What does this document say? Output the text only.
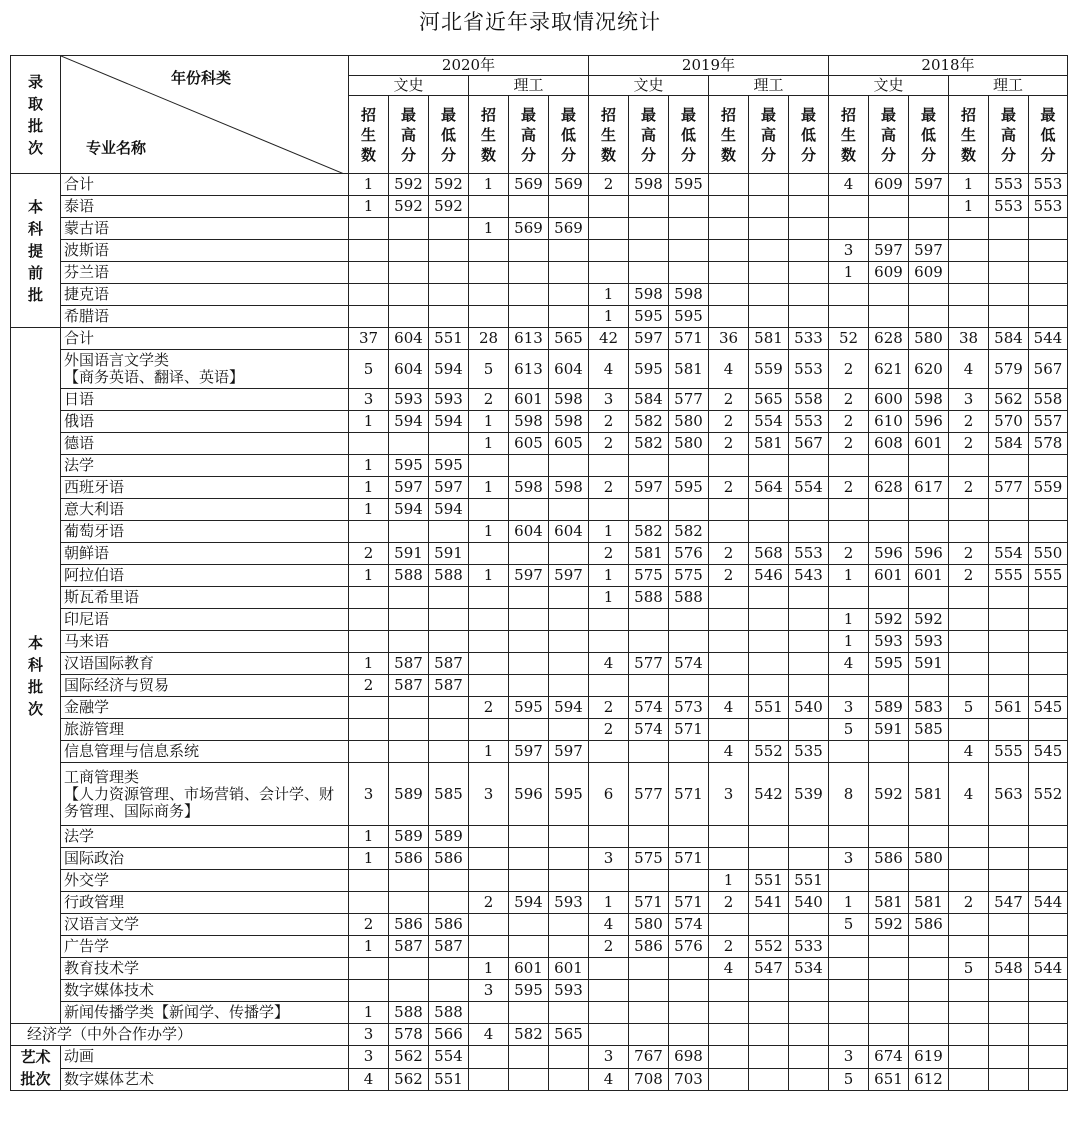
河北省近年录取情况统计
录
取
批
次	年份科类
专业名称	2020年						2019年						2018年					
		文史			理工			文史			理工			文史			理工		

		招
生
数	最
高
分	最
低
分	招
生
数	最
高
分	最
低
分	招
生
数	最
高
分	最
低
分	招
生
数	最
高
分	最
低
分	招
生
数	最
高
分	最
低
分	招
生
数	最
高
分	最
低
分

本
科
提
前
批	合计	1	592	592	1	569	569	2	598	595				4	609	597	1	553	553
	泰语	1	592	592													1	553	553
	蒙古语				1	569	569												
	波斯语													3	597	597			
	芬兰语													1	609	609			
	捷克语							1	598	598									
	希腊语							1	595	595									

本
科
批
次	合计	37	604	551	28	613	565	42	597	571	36	581	533	52	628	580	38	584	544
	外国语言文学类
【商务英语、翻译、英语】	5	604	594	5	613	604	4	595	581	4	559	553	2	621	620	4	579	567
	日语	3	593	593	2	601	598	3	584	577	2	565	558	2	600	598	3	562	558
	俄语	1	594	594	1	598	598	2	582	580	2	554	553	2	610	596	2	570	557
	德语				1	605	605	2	582	580	2	581	567	2	608	601	2	584	578
	法学	1	595	595															
	西班牙语	1	597	597	1	598	598	2	597	595	2	564	554	2	628	617	2	577	559
	意大利语	1	594	594															
	葡萄牙语				1	604	604	1	582	582									
	朝鲜语	2	591	591				2	581	576	2	568	553	2	596	596	2	554	550
	阿拉伯语	1	588	588	1	597	597	1	575	575	2	546	543	1	601	601	2	555	555
	斯瓦希里语							1	588	588									
	印尼语													1	592	592			
	马来语													1	593	593			
	汉语国际教育	1	587	587				4	577	574				4	595	591			
	国际经济与贸易	2	587	587															
	金融学				2	595	594	2	574	573	4	551	540	3	589	583	5	561	545
	旅游管理							2	574	571				5	591	585			
	信息管理与信息系统				1	597	597				4	552	535				4	555	545
	工商管理类
【人力资源管理、市场营销、会计学、财务管理、国际商务】	3	589	585	3	596	595	6	577	571	3	542	539	8	592	581	4	563	552
	法学	1	589	589															
	国际政治	1	586	586				3	575	571				3	586	580			
	外交学										1	551	551						
	行政管理				2	594	593	1	571	571	2	541	540	1	581	581	2	547	544
	汉语言文学	2	586	586				4	580	574				5	592	586			
	广告学	1	587	587				2	586	576	2	552	533						
	教育技术学				1	601	601				4	547	534				5	548	544
	数字媒体技术				3	595	593												
	新闻传播学类【新闻学、传播学】	1	588	588															
经济学（中外合作办学）		3	578	566	4	582	565												

艺术
批次	动画	3	562	554				3	767	698				3	674	619			
	数字媒体艺术	4	562	551				4	708	703				5	651	612			
